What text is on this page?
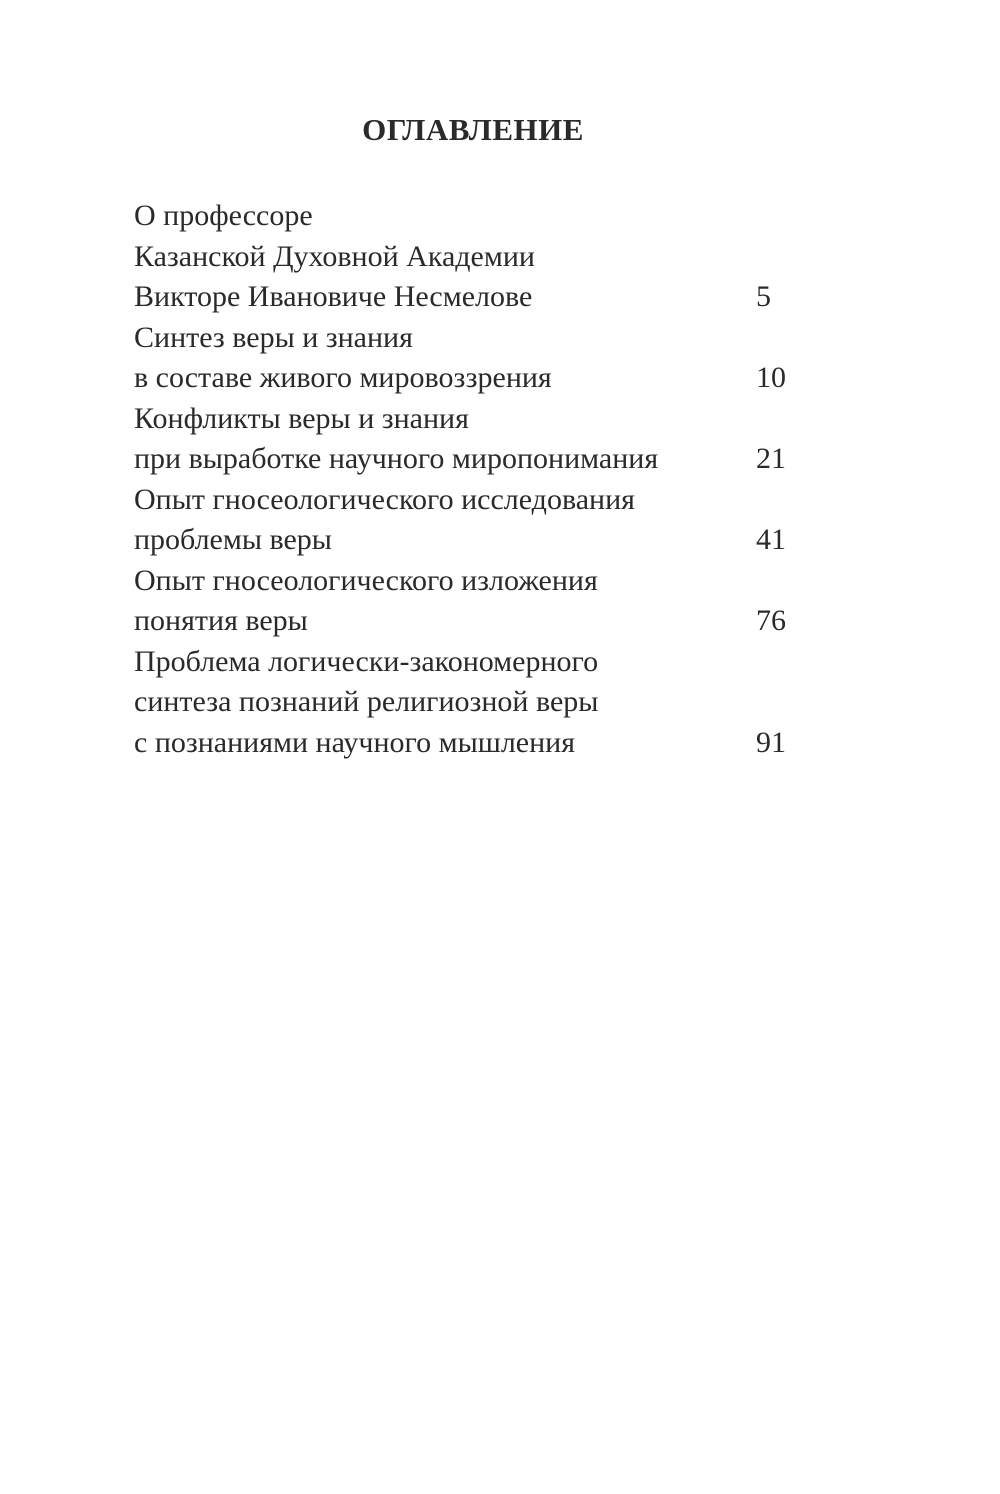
ОГЛАВЛЕНИЕ
О профессоре
Казанской Духовной Академии
Викторе Ивановиче Несмелове	5
Синтез веры и знания
в составе живого мировоззрения	10
Конфликты веры и знания
при выработке научного миропонимания	21
Опыт гносеологического исследования
проблемы веры	41
Опыт гносеологического изложения
понятия веры	76
Проблема логически-закономерного
синтеза познаний религиозной веры
с познаниями научного мышления	91
